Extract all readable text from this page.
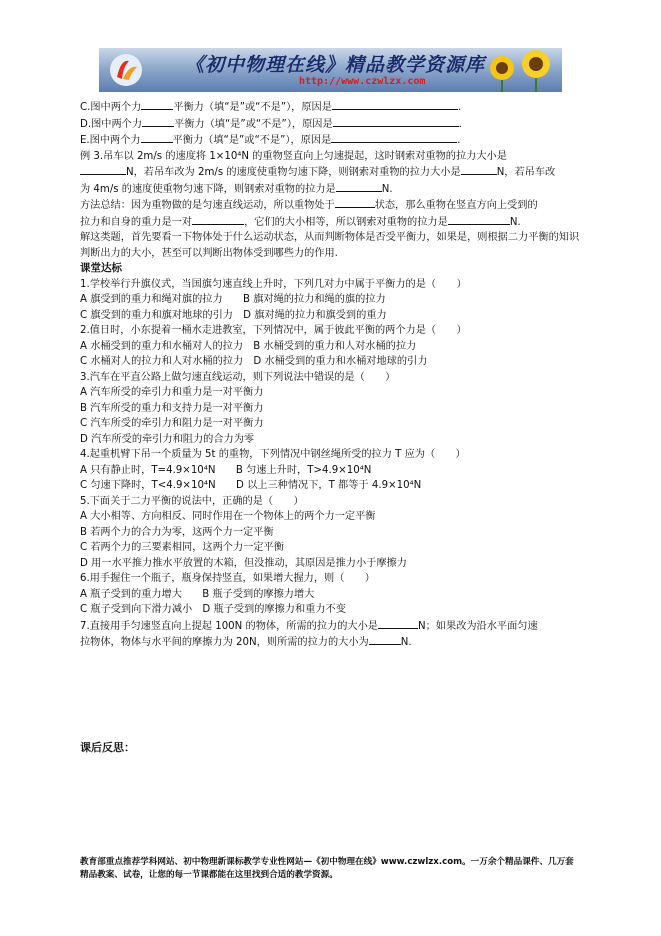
《初中物理在线》精品教学资源库
http://www.czwlzx.com

C.图中两个力	平衡力（填“是”或“不是”），原因是	.

D.图中两个力	平衡力（填“是”或“不是”），原因是	.

E.图中两个力	平衡力（填“是”或“不是”），原因是	.

例 3.吊车以 2m/s 的速度将 1×10⁴N 的重物竖直向上匀速提起，这时钢索对重物的拉力大小是

N，若吊车改为 2m/s 的速度使重物匀速下降，则钢索对重物的拉力大小是	N，若吊车改

为 4m/s 的速度使重物匀速下降，则钢索对重物的拉力是	N.

方法总结：因为重物做的是匀速直线运动，所以重物处于	状态，那么重物在竖直方向上受到的

拉力和自身的重力是一对	，它们的大小相等，所以钢索对重物的拉力是	N.

解这类题，首先要看一下物体处于什么运动状态，从而判断物体是否受平衡力，如果是，则根据二力平衡的知识判断出力的大小，甚至可以判断出物体受到哪些力的作用.

课堂达标

1.学校举行升旗仪式，当国旗匀速直线上升时，下列几对力中属于平衡力的是（　　）

A 旗受到的重力和绳对旗的拉力　　B 旗对绳的拉力和绳的旗的拉力

C 旗受到的重力和旗对地球的引力　D 旗对绳的拉力和旗受到的重力

2.值日时，小东提着一桶水走进教室，下列情况中，属于彼此平衡的两个力是（　　）

A 水桶受到的重力和水桶对人的拉力　B 水桶受到的重力和人对水桶的拉力

C 水桶对人的拉力和人对水桶的拉力　D 水桶受到的重力和水桶对地球的引力

3.汽车在平直公路上做匀速直线运动，则下列说法中错误的是（　　）

A 汽车所受的牵引力和重力是一对平衡力

B 汽车所受的重力和支持力是一对平衡力

C 汽车所受的牵引力和阻力是一对平衡力

D 汽车所受的牵引力和阻力的合力为零

4.起重机臂下吊一个质量为 5t 的重物，下列情况中钢丝绳所受的拉力 T 应为（　　）

A 只有静止时，T=4.9×10⁴N　　B 匀速上升时，T>4.9×10⁴N

C 匀速下降时，T<4.9×10⁴N　　D 以上三种情况下，T 都等于 4.9×10⁴N

5.下面关于二力平衡的说法中，正确的是（　　）

A 大小相等、方向相反、同时作用在一个物体上的两个力一定平衡

B 若两个力的合力为零，这两个力一定平衡

C 若两个力的三要素相同，这两个力一定平衡

D 用一水平推力推水平放置的木箱，但没推动，其原因是推力小于摩擦力

6.用手握住一个瓶子，瓶身保持竖直，如果增大握力，则（　　）

A 瓶子受到的重力增大　　B 瓶子受到的摩擦力增大

C 瓶子受到向下滑力减小　D 瓶子受到的摩擦力和重力不变

7.直接用手匀速竖直向上提起 100N 的物体，所需的拉力的大小是	N；如果改为沿水平面匀速

拉物体，物体与水平间的摩擦力为 20N，则所需的拉力的大小为	N.

课后反思：
教育部重点推荐学科网站、初中物理新课标教学专业性网站—《初中物理在线》www.czwlzx.com。一万余个精品课件、几万套精品教案、试卷，让您的每一节课都能在这里找到合适的教学资源。
